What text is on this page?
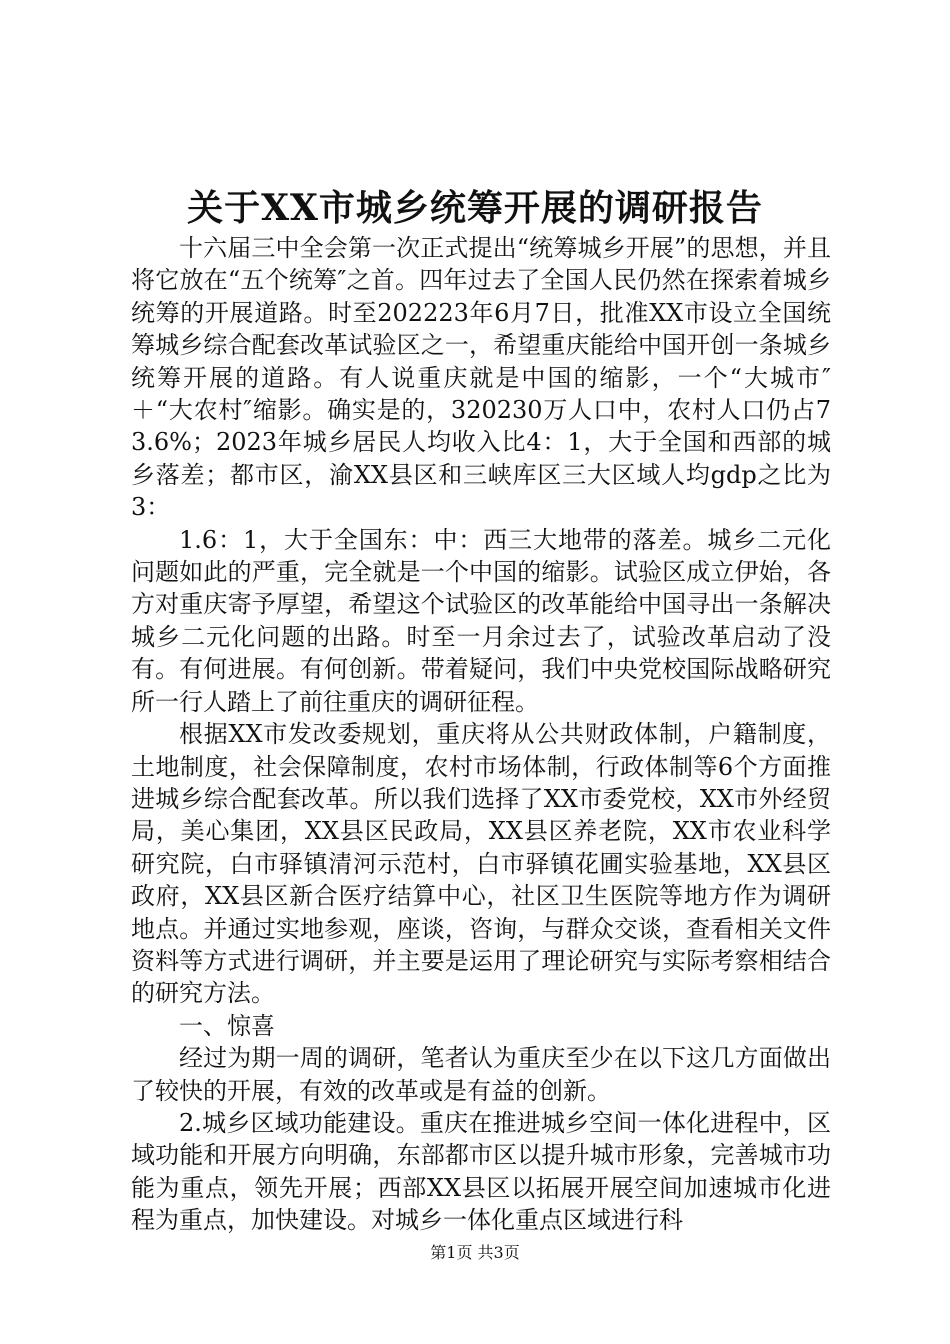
关于XX市城乡统筹开展的调研报告

十六届三中全会第一次正式提出“统筹城乡开展”的思想，并且将它放在“五个统筹″之首。四年过去了全国人民仍然在探索着城乡统筹的开展道路。时至202223年6月7日，批准XX市设立全国统筹城乡综合配套改革试验区之一，希望重庆能给中国开创一条城乡统筹开展的道路。有人说重庆就是中国的缩影，一个“大城市″＋“大农村″缩影。确实是的，320230万人口中，农村人口仍占73.6%；2023年城乡居民人均收入比4：1，大于全国和西部的城乡落差；都市区，渝XX县区和三峡库区三大区域人均gdp之比为3：

1.6：1，大于全国东：中：西三大地带的落差。城乡二元化问题如此的严重，完全就是一个中国的缩影。试验区成立伊始，各方对重庆寄予厚望，希望这个试验区的改革能给中国寻出一条解决城乡二元化问题的出路。时至一月余过去了，试验改革启动了没有。有何进展。有何创新。带着疑问，我们中央党校国际战略研究所一行人踏上了前往重庆的调研征程。

根据XX市发改委规划，重庆将从公共财政体制，户籍制度，土地制度，社会保障制度，农村市场体制，行政体制等6个方面推进城乡综合配套改革。所以我们选择了XX市委党校，XX市外经贸局，美心集团，XX县区民政局，XX县区养老院，XX市农业科学研究院，白市驿镇清河示范村，白市驿镇花圃实验基地，XX县区政府，XX县区新合医疗结算中心，社区卫生医院等地方作为调研地点。并通过实地参观，座谈，咨询，与群众交谈，查看相关文件资料等方式进行调研，并主要是运用了理论研究与实际考察相结合的研究方法。

一、惊喜

经过为期一周的调研，笔者认为重庆至少在以下这几方面做出了较快的开展，有效的改革或是有益的创新。

2.城乡区域功能建设。重庆在推进城乡空间一体化进程中，区域功能和开展方向明确，东部都市区以提升城市形象，完善城市功能为重点，领先开展；西部XX县区以拓展开展空间加速城市化进程为重点，加快建设。对城乡一体化重点区域进行科

第1页 共3页
